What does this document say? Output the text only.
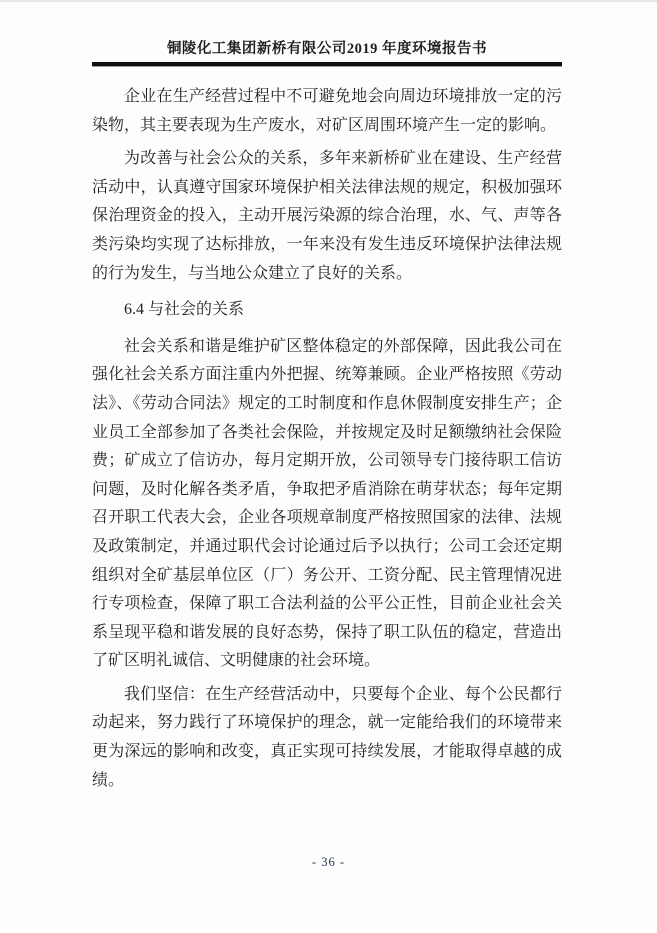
铜陵化工集团新桥有限公司2019 年度环境报告书

企业在生产经营过程中不可避免地会向周边环境排放一定的污染物，其主要表现为生产废水，对矿区周围环境产生一定的影响。

为改善与社会公众的关系，多年来新桥矿业在建设、生产经营活动中，认真遵守国家环境保护相关法律法规的规定，积极加强环保治理资金的投入，主动开展污染源的综合治理，水、气、声等各类污染均实现了达标排放，一年来没有发生违反环境保护法律法规的行为发生，与当地公众建立了良好的关系。

6.4 与社会的关系

社会关系和谐是维护矿区整体稳定的外部保障，因此我公司在强化社会关系方面注重内外把握、统筹兼顾。企业严格按照《劳动法》、《劳动合同法》规定的工时制度和作息休假制度安排生产；企业员工全部参加了各类社会保险，并按规定及时足额缴纳社会保险费；矿成立了信访办，每月定期开放，公司领导专门接待职工信访问题，及时化解各类矛盾，争取把矛盾消除在萌芽状态；每年定期召开职工代表大会，企业各项规章制度严格按照国家的法律、法规及政策制定，并通过职代会讨论通过后予以执行；公司工会还定期组织对全矿基层单位区（厂）务公开、工资分配、民主管理情况进行专项检查，保障了职工合法利益的公平公正性，目前企业社会关系呈现平稳和谐发展的良好态势，保持了职工队伍的稳定，营造出了矿区明礼诚信、文明健康的社会环境。

我们坚信：在生产经营活动中，只要每个企业、每个公民都行动起来，努力践行了环境保护的理念，就一定能给我们的环境带来更为深远的影响和改变，真正实现可持续发展，才能取得卓越的成绩。

- 36 -
